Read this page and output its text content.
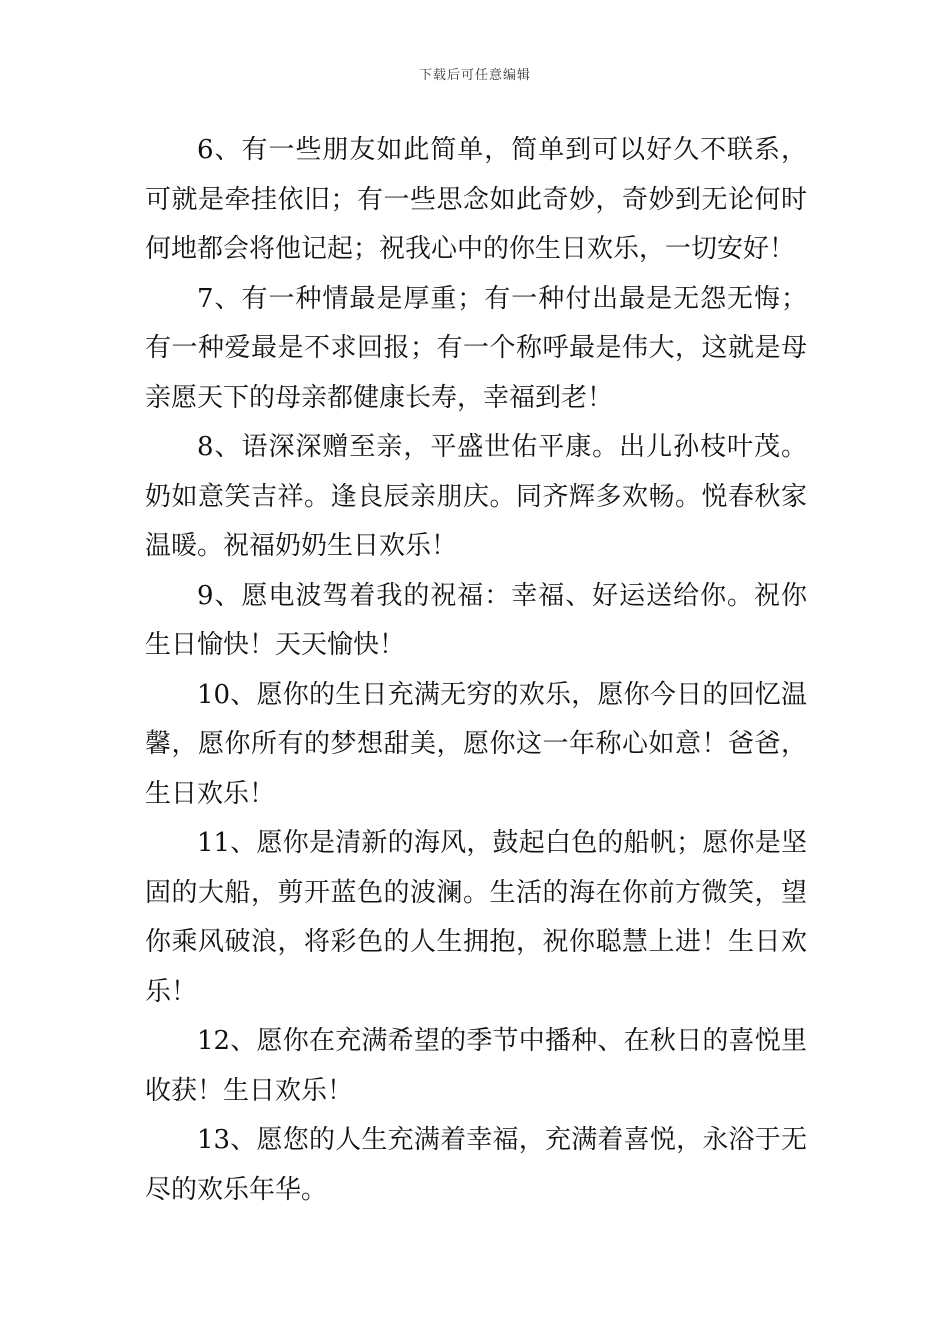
下载后可任意编辑

6、有一些朋友如此简单，简单到可以好久不联系，可就是牵挂依旧；有一些思念如此奇妙，奇妙到无论何时何地都会将他记起；祝我心中的你生日欢乐，一切安好！

7、有一种情最是厚重；有一种付出最是无怨无悔；有一种爱最是不求回报；有一个称呼最是伟大，这就是母亲愿天下的母亲都健康长寿，幸福到老！

8、语深深赠至亲，平盛世佑平康。出儿孙枝叶茂。奶如意笑吉祥。逢良辰亲朋庆。同齐辉多欢畅。悦春秋家温暖。祝福奶奶生日欢乐！

9、愿电波驾着我的祝福：幸福、好运送给你。祝你生日愉快！天天愉快！

10、愿你的生日充满无穷的欢乐，愿你今日的回忆温馨，愿你所有的梦想甜美，愿你这一年称心如意！爸爸，生日欢乐！

11、愿你是清新的海风，鼓起白色的船帆；愿你是坚固的大船，剪开蓝色的波澜。生活的海在你前方微笑，望你乘风破浪，将彩色的人生拥抱，祝你聪慧上进！生日欢乐！

12、愿你在充满希望的季节中播种、在秋日的喜悦里收获！生日欢乐！

13、愿您的人生充满着幸福，充满着喜悦，永浴于无尽的欢乐年华。
